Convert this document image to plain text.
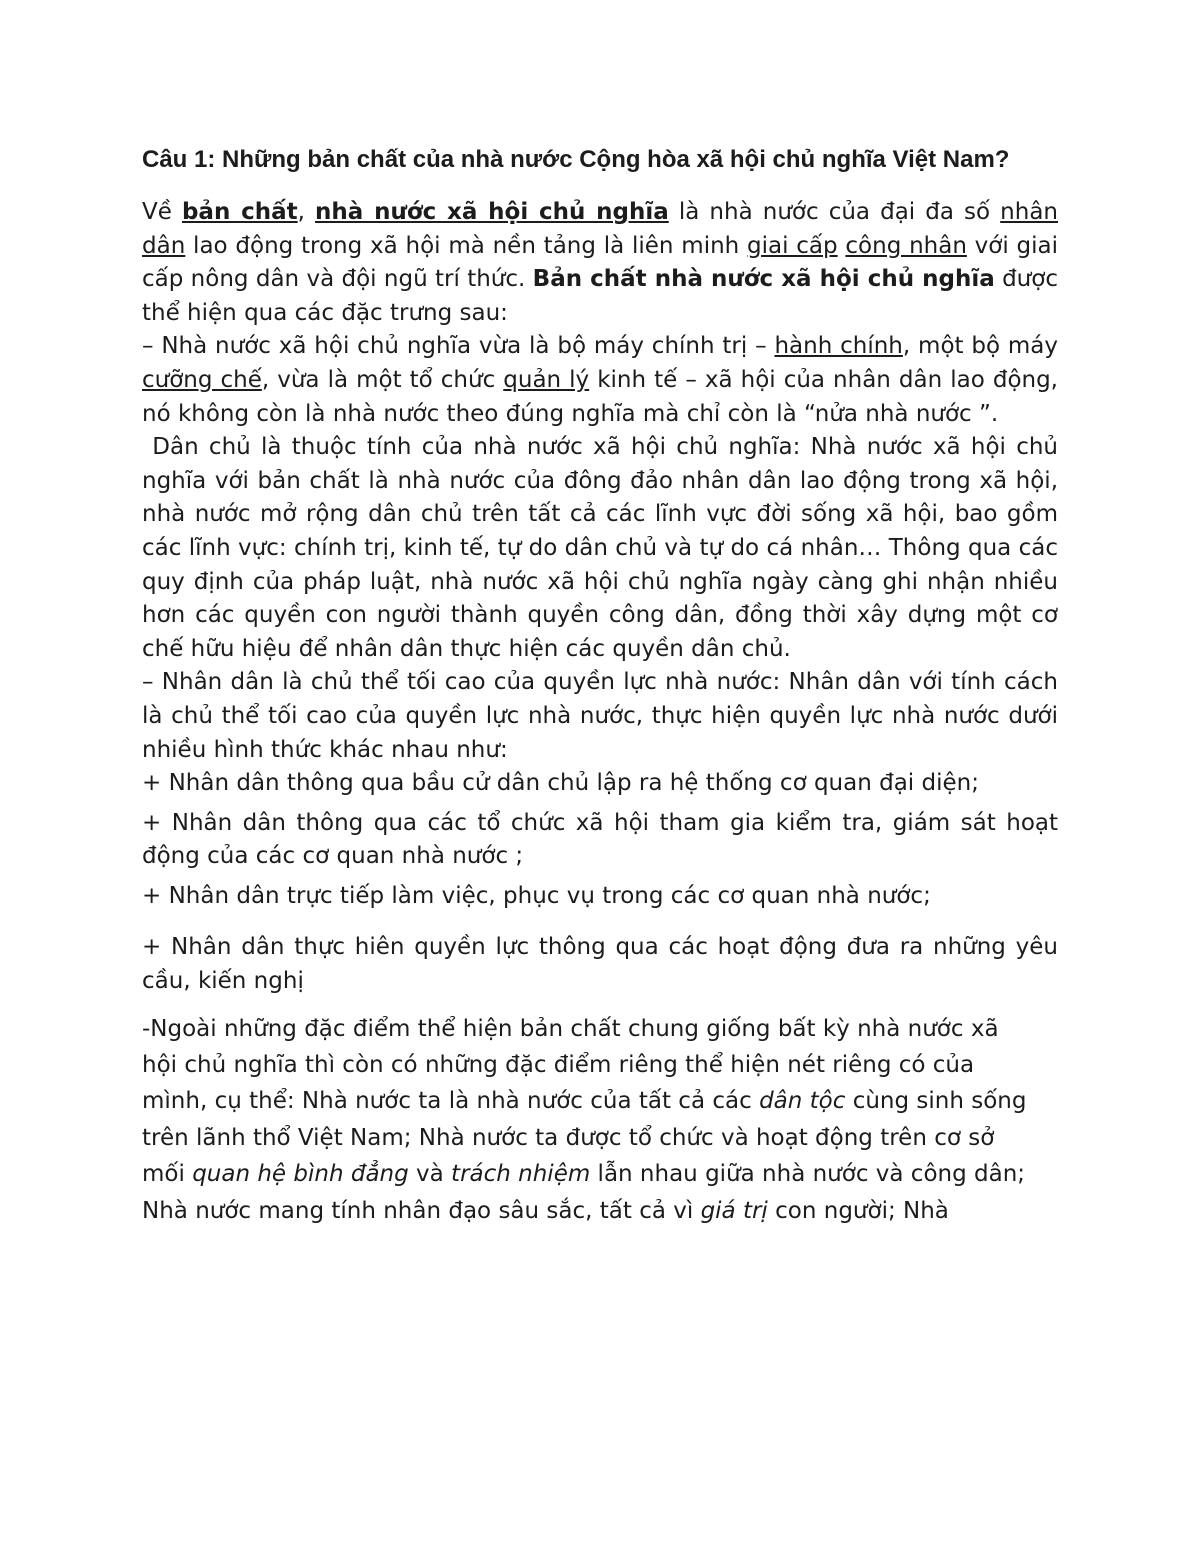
Câu 1: Những bản chất của nhà nước Cộng hòa xã hội chủ nghĩa Việt Nam?

Về bản chất, nhà nước xã hội chủ nghĩa là nhà nước của đại đa số nhân dân lao động trong xã hội mà nền tảng là liên minh giai cấp công nhân với giai cấp nông dân và đội ngũ trí thức. Bản chất nhà nước xã hội chủ nghĩa được thể hiện qua các đặc trưng sau:

– Nhà nước xã hội chủ nghĩa vừa là bộ máy chính trị – hành chính, một bộ máy cưỡng chế, vừa là một tổ chức quản lý kinh tế – xã hội của nhân dân lao động, nó không còn là nhà nước theo đúng nghĩa mà chỉ còn là “nửa nhà nước ”.

Dân chủ là thuộc tính của nhà nước xã hội chủ nghĩa: Nhà nước xã hội chủ nghĩa với bản chất là nhà nước của đông đảo nhân dân lao động trong xã hội, nhà nước mở rộng dân chủ trên tất cả các lĩnh vực đời sống xã hội, bao gồm các lĩnh vực: chính trị, kinh tế, tự do dân chủ và tự do cá nhân… Thông qua các quy định của pháp luật, nhà nước xã hội chủ nghĩa ngày càng ghi nhận nhiều hơn các quyền con người thành quyền công dân, đồng thời xây dựng một cơ chế hữu hiệu để nhân dân thực hiện các quyền dân chủ.

– Nhân dân là chủ thể tối cao của quyền lực nhà nước: Nhân dân với tính cách là chủ thể tối cao của quyền lực nhà nước, thực hiện quyền lực nhà nước dưới nhiều hình thức khác nhau như:

+ Nhân dân thông qua bầu cử dân chủ lập ra hệ thống cơ quan đại diện;

+ Nhân dân thông qua các tổ chức xã hội tham gia kiểm tra, giám sát hoạt động của các cơ quan nhà nước ;

+ Nhân dân trực tiếp làm việc, phục vụ trong các cơ quan nhà nước;

+ Nhân dân thực hiên quyền lực thông qua các hoạt động đưa ra những yêu cầu, kiến nghị

-Ngoài những đặc điểm thể hiện bản chất chung giống bất kỳ nhà nước xã hội chủ nghĩa thì còn có những đặc điểm riêng thể hiện nét riêng có của mình, cụ thể: Nhà nước ta là nhà nước của tất cả các dân tộc cùng sinh sống trên lãnh thổ Việt Nam; Nhà nước ta được tổ chức và hoạt động trên cơ sở mối quan hệ bình đẳng và trách nhiệm lẫn nhau giữa nhà nước và công dân; Nhà nước mang tính nhân đạo sâu sắc, tất cả vì giá trị con người; Nhà
